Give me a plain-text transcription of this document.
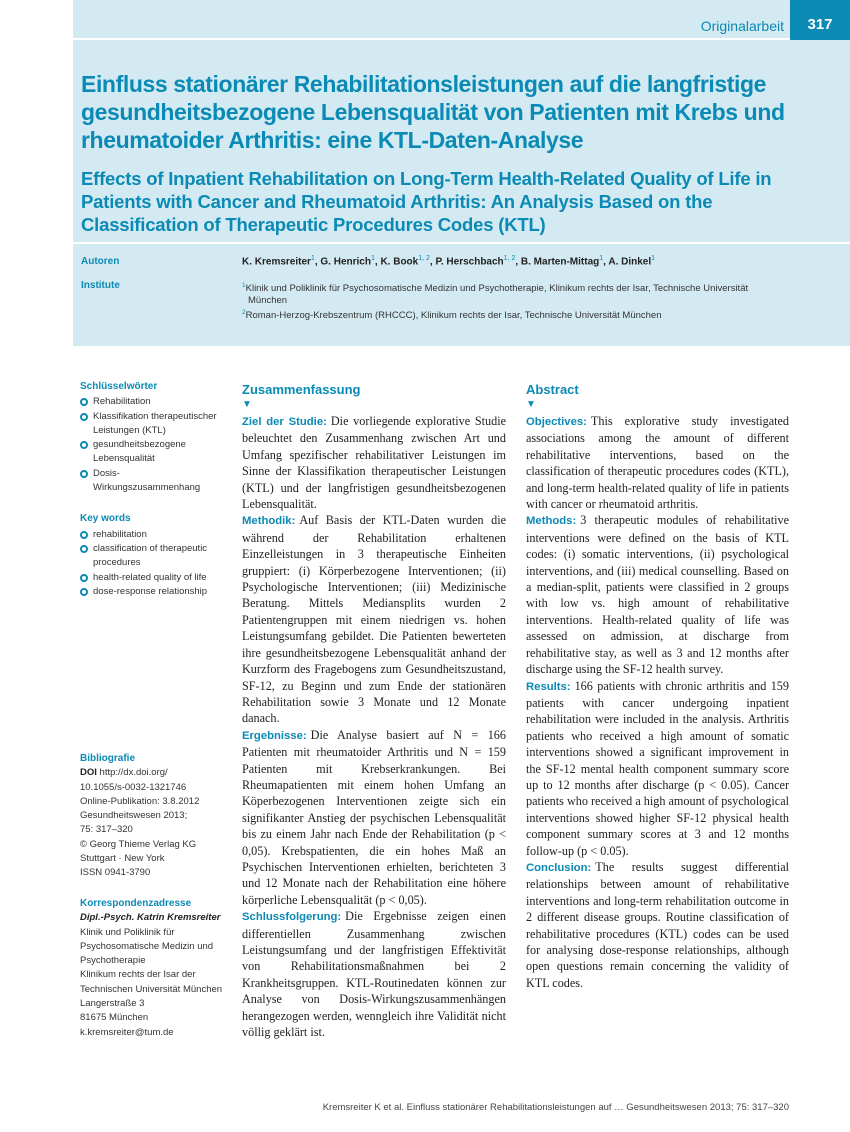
Originalarbeit	317
Einfluss stationärer Rehabilitationsleistungen auf die langfristige gesundheitsbezogene Lebensqualität von Patienten mit Krebs und rheumatoider Arthritis: eine KTL-Daten-Analyse
Effects of Inpatient Rehabilitation on Long-Term Health-Related Quality of Life in Patients with Cancer and Rheumatoid Arthritis: An Analysis Based on the Classification of Therapeutic Procedures Codes (KTL)
Autoren	K. Kremsreiter$^1$, G. Henrich$^1$, K. Book$^{1, 2}$, P. Herschbach$^{1, 2}$, B. Marten-Mittag$^1$, A. Dinkel$^1$
Institute	$^1$Klinik und Poliklinik für Psychosomatische Medizin und Psychotherapie, Klinikum rechts der Isar, Technische Universität
München
$^2$Roman-Herzog-Krebszentrum (RHCCC), Klinikum rechts der Isar, Technische Universität München
Schlüsselwörter
Rehabilitation
Klassifikation therapeutischer Leistungen (KTL)
gesundheitsbezogene Lebensqualität
Dosis-Wirkungszusammenhang
Key words
rehabilitation
classification of therapeutic procedures
health-related quality of life
dose-response relationship
Bibliografie
DOI http://dx.doi.org/
10.1055/s-0032-1321746
Online-Publikation: 3.8.2012
Gesundheitswesen 2013;
75: 317–320
© Georg Thieme Verlag KG
Stuttgart · New York
ISSN 0941-3790
Korrespondenzadresse
Dipl.-Psych. Katrin Kremsreiter
Klinik und Poliklinik für Psychosomatische Medizin und Psychotherapie
Klinikum rechts der Isar der Technischen Universität München
Langerstraße 3
81675 München
k.kremsreiter@tum.de
Zusammenfassung
▼
Ziel der Studie: Die vorliegende explorative Studie beleuchtet den Zusammenhang zwischen Art und Umfang spezifischer rehabilitativer Leistungen im Sinne der Klassifikation therapeutischer Leistungen (KTL) und der langfristigen gesundheitsbezogenen Lebensqualität.
Methodik: Auf Basis der KTL-Daten wurden die während der Rehabilitation erhaltenen Einzelleistungen in 3 therapeutische Einheiten gruppiert: (i) Körperbezogene Interventionen; (ii) Psychologische Interventionen; (iii) Medizinische Beratung. Mittels Mediansplits wurden 2 Patientengruppen mit einem niedrigen vs. hohen Leistungsumfang gebildet. Die Patienten bewerteten ihre gesundheitsbezogene Lebensqualität anhand der Kurzform des Fragebogens zum Gesundheitszustand, SF-12, zu Beginn und zum Ende der stationären Rehabilitation sowie 3 Monate und 12 Monate danach.
Ergebnisse: Die Analyse basiert auf N = 166 Patienten mit rheumatoider Arthritis und N = 159 Patienten mit Krebserkrankungen. Bei Rheumapatienten mit einem hohen Umfang an Köperbezogenen Interventionen zeigte sich ein signifikanter Anstieg der psychischen Lebensqualität bis zu einem Jahr nach Ende der Rehabilitation (p < 0,05). Krebspatienten, die ein hohes Maß an Psychischen Interventionen erhielten, berichteten 3 und 12 Monate nach der Rehabilitation eine höhere körperliche Lebensqualität (p < 0,05).
Schlussfolgerung: Die Ergebnisse zeigen einen differentiellen Zusammenhang zwischen Leistungsumfang und der langfristigen Effektivität von Rehabilitationsmaßnahmen bei 2 Krankheitsgruppen. KTL-Routinedaten können zur Analyse von Dosis-Wirkungszusammenhängen herangezogen werden, wenngleich ihre Validität nicht völlig geklärt ist.
Abstract
▼
Objectives: This explorative study investigated associations among the amount of different rehabilitative interventions, based on the classification of therapeutic procedures codes (KTL), and long-term health-related quality of life in patients with cancer or rheumatoid arthritis.
Methods: 3 therapeutic modules of rehabilitative interventions were defined on the basis of KTL codes: (i) somatic interventions, (ii) psychological interventions, and (iii) medical counselling. Based on a median-split, patients were classified in 2 groups with low vs. high amount of rehabilitative interventions. Health-related quality of life was assessed on admission, at discharge from rehabilitative stay, as well as 3 and 12 months after discharge using the SF-12 health survey.
Results: 166 patients with chronic arthritis and 159 patients with cancer undergoing inpatient rehabilitation were included in the analysis. Arthritis patients who received a high amount of somatic interventions showed a significant improvement in the SF-12 mental health component summary score up to 12 months after discharge (p < 0.05). Cancer patients who received a high amount of psychological interventions showed higher SF-12 physical health component summary scores at 3 and 12 months follow-up (p < 0.05).
Conclusion: The results suggest differential relationships between amount of rehabilitative interventions and long-term rehabilitation outcome in 2 different disease groups. Routine classification of rehabilitative procedures (KTL) codes can be used for analysing dose-response relationships, although open questions remain concerning the validity of KTL codes.
Kremsreiter K et al. Einfluss stationärer Rehabilitationsleistungen auf … Gesundheitswesen 2013; 75: 317–320
